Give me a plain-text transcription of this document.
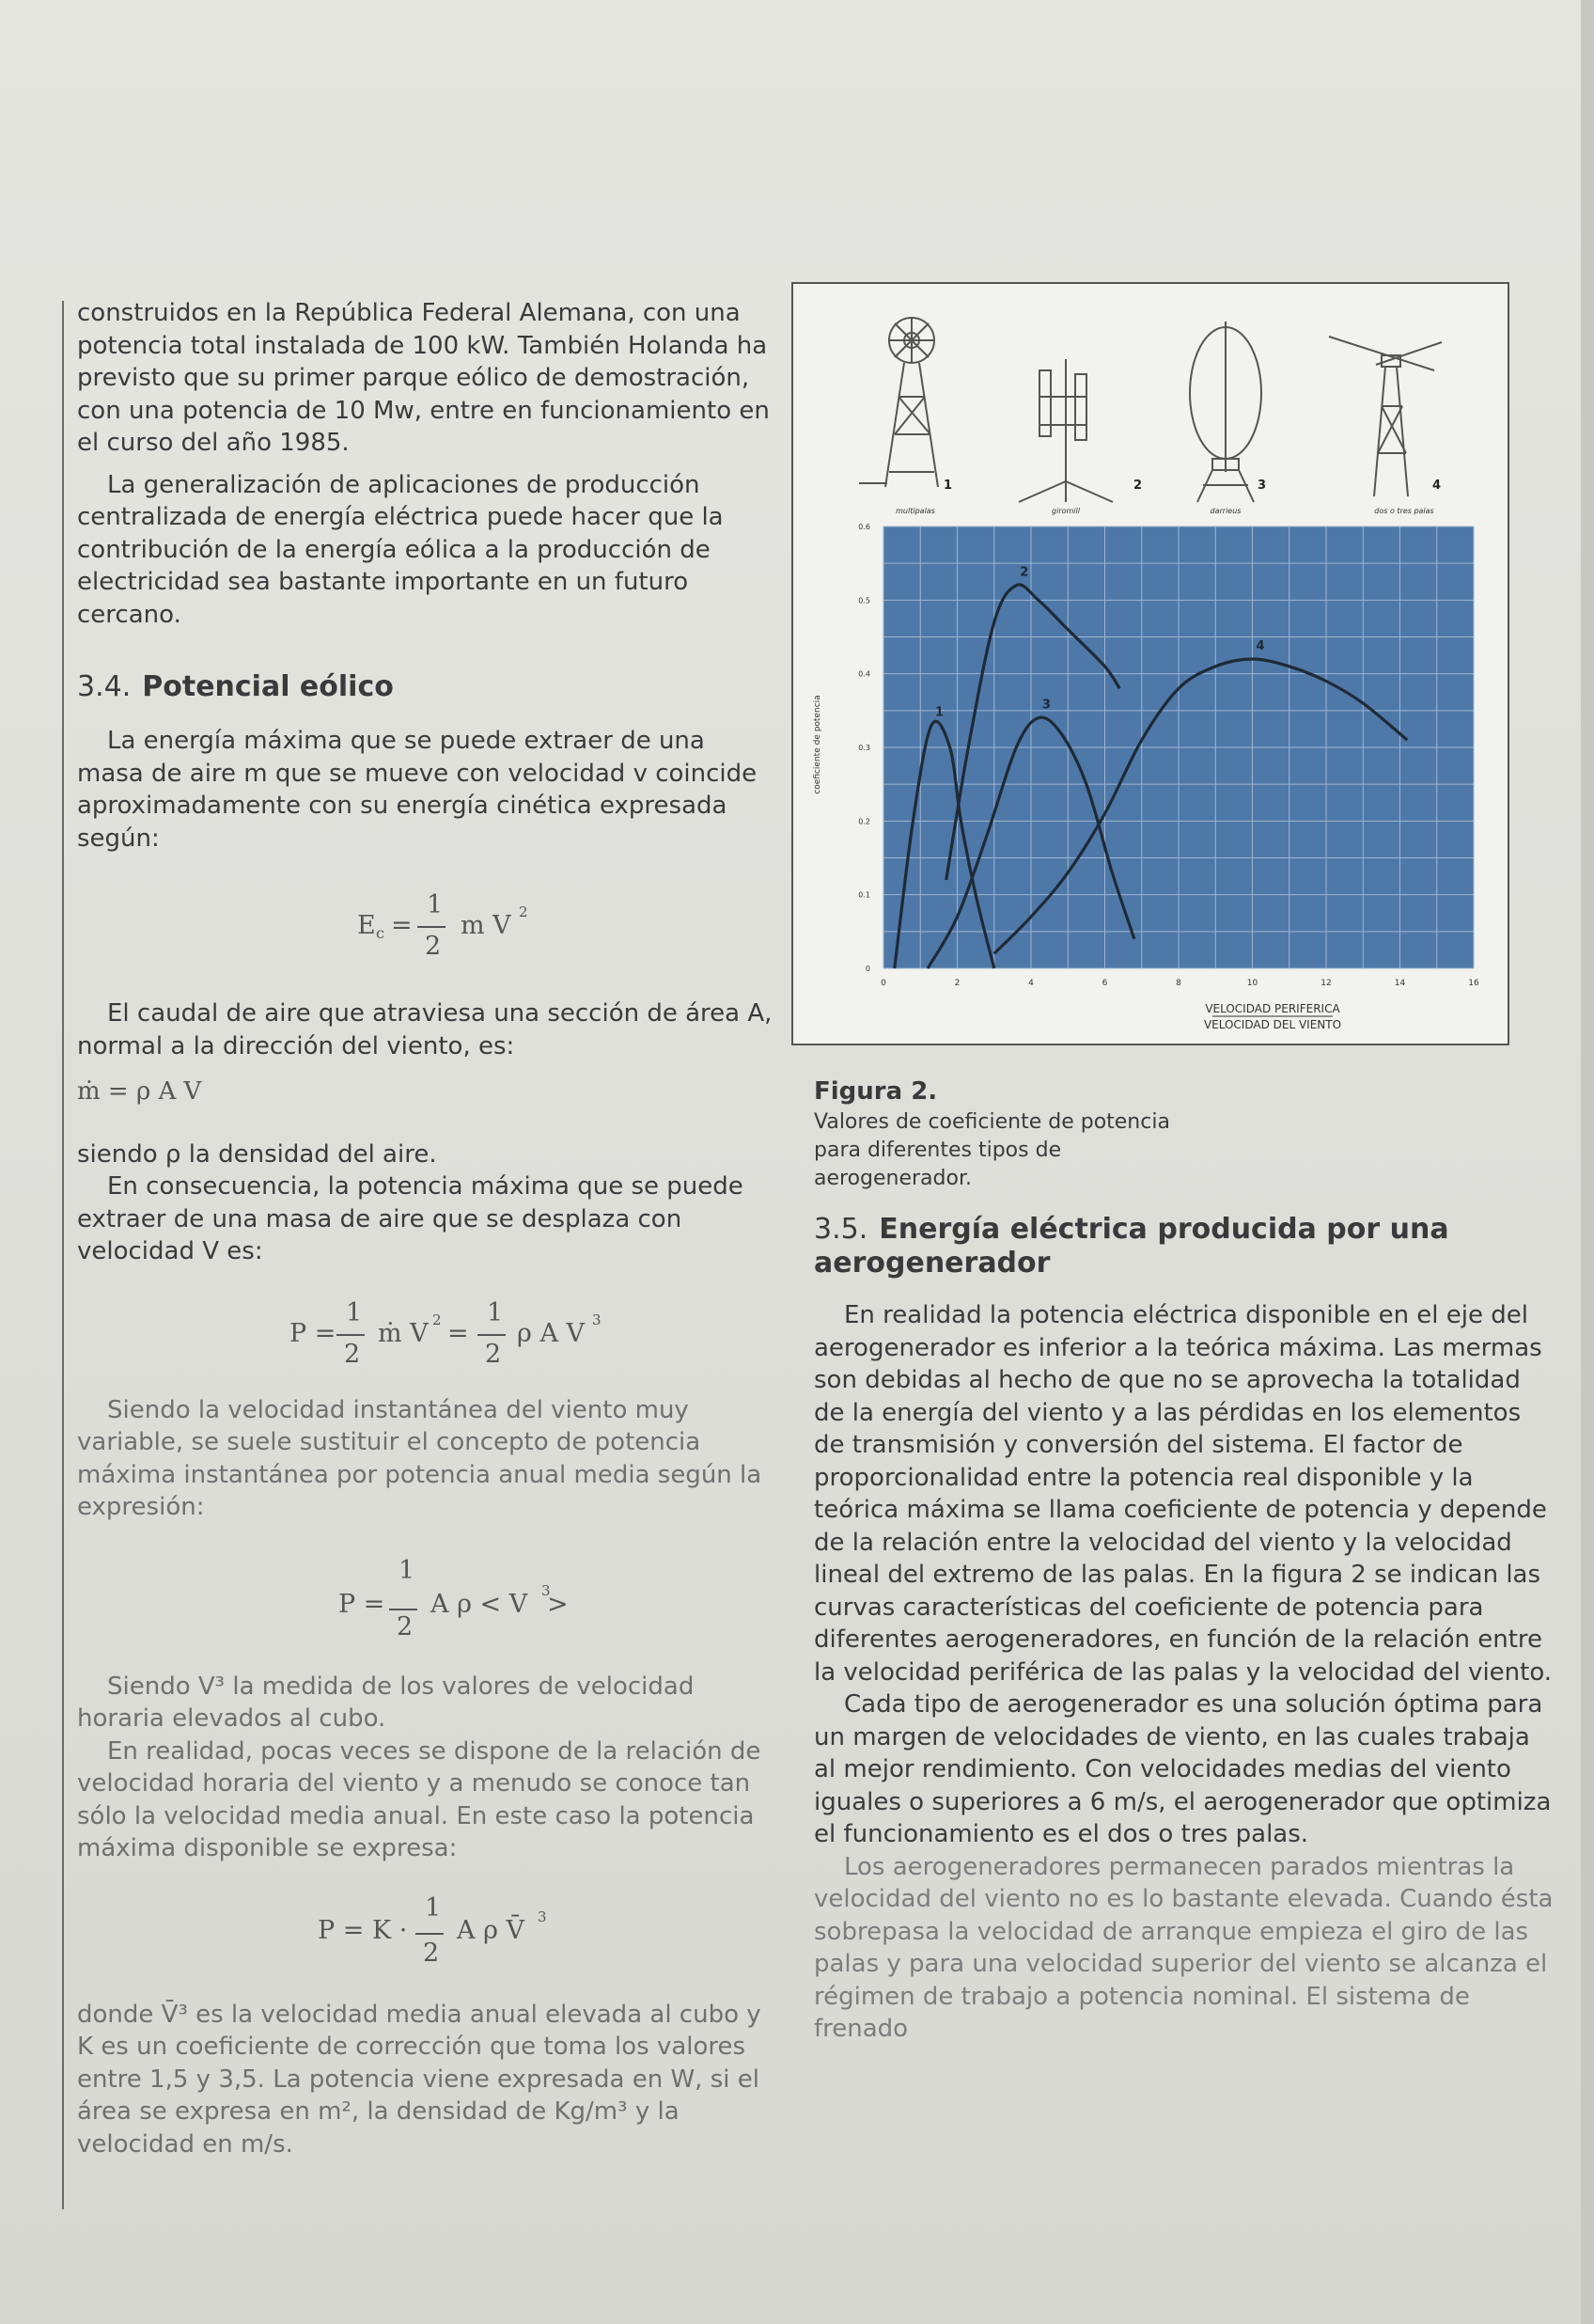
construidos en la República Federal Alemana, con una potencia total instalada de 100 kW. También Holanda ha previsto que su primer parque eólico de demostración, con una potencia de 10 Mw, entre en funcionamiento en el curso del año 1985.

La generalización de aplicaciones de producción centralizada de energía eléctrica puede hacer que la contribución de la energía eólica a la producción de electricidad sea bastante importante en un futuro cercano.

3.4. Potencial eólico

La energía máxima que se puede extraer de una masa de aire m que se mueve con velocidad v coincide aproximadamente con su energía cinética expresada según:

E c =
1
2
m V 2

El caudal de aire que atraviesa una sección de área A, normal a la dirección del viento, es:

ṁ = ρ A V

siendo ρ la densidad del aire.

En consecuencia, la potencia máxima que se puede extraer de una masa de aire que se desplaza con velocidad V es:

P =
1
2
ṁ V 2 =
1
2
ρ A V 3

Siendo la velocidad instantánea del viento muy variable, se suele sustituir el concepto de potencia máxima instantánea por potencia anual media según la expresión:

P =
1
2
A ρ < V 3
>

Siendo V³ la medida de los valores de velocidad horaria elevados al cubo.

En realidad, pocas veces se dispone de la relación de velocidad horaria del viento y a menudo se conoce tan sólo la velocidad media anual. En este caso la potencia máxima disponible se expresa:

P = K ·
1
2
A ρ V̄ 3

donde V̄³ es la velocidad media anual elevada al cubo y K es un coeficiente de corrección que toma los valores entre 1,5 y 3,5. La potencia viene expresada en W, si el área se expresa en m², la densidad de Kg/m³ y la velocidad en m/s.

1
multipalas
2
giromill
3
darrieus
4
dos o tres palas
1
2
3
4
0	2	4	6	8	10	12	14	16
0
0.1
0.2
0.3
0.4
0.5
0.6
coeficiente de potencia
VELOCIDAD PERIFERICA
VELOCIDAD DEL VIENTO

Figura 2.

Valores de coeficiente de potencia para diferentes tipos de aerogenerador.

3.5. Energía eléctrica producida por una aerogenerador

En realidad la potencia eléctrica disponible en el eje del aerogenerador es inferior a la teórica máxima. Las mermas son debidas al hecho de que no se aprovecha la totalidad de la energía del viento y a las pérdidas en los elementos de transmisión y conversión del sistema. El factor de proporcionalidad entre la potencia real disponible y la teórica máxima se llama coeficiente de potencia y depende de la relación entre la velocidad del viento y la velocidad lineal del extremo de las palas. En la figura 2 se indican las curvas características del coeficiente de potencia para diferentes aerogeneradores, en función de la relación entre la velocidad periférica de las palas y la velocidad del viento.

Cada tipo de aerogenerador es una solución óptima para un margen de velocidades de viento, en las cuales trabaja al mejor rendimiento. Con velocidades medias del viento iguales o superiores a 6 m/s, el aerogenerador que optimiza el funcionamiento es el dos o tres palas.

Los aerogeneradores permanecen parados mientras la velocidad del viento no es lo bastante elevada. Cuando ésta sobrepasa la velocidad de arranque empieza el giro de las palas y para una velocidad superior del viento se alcanza el régimen de trabajo a potencia nominal. El sistema de frenado
